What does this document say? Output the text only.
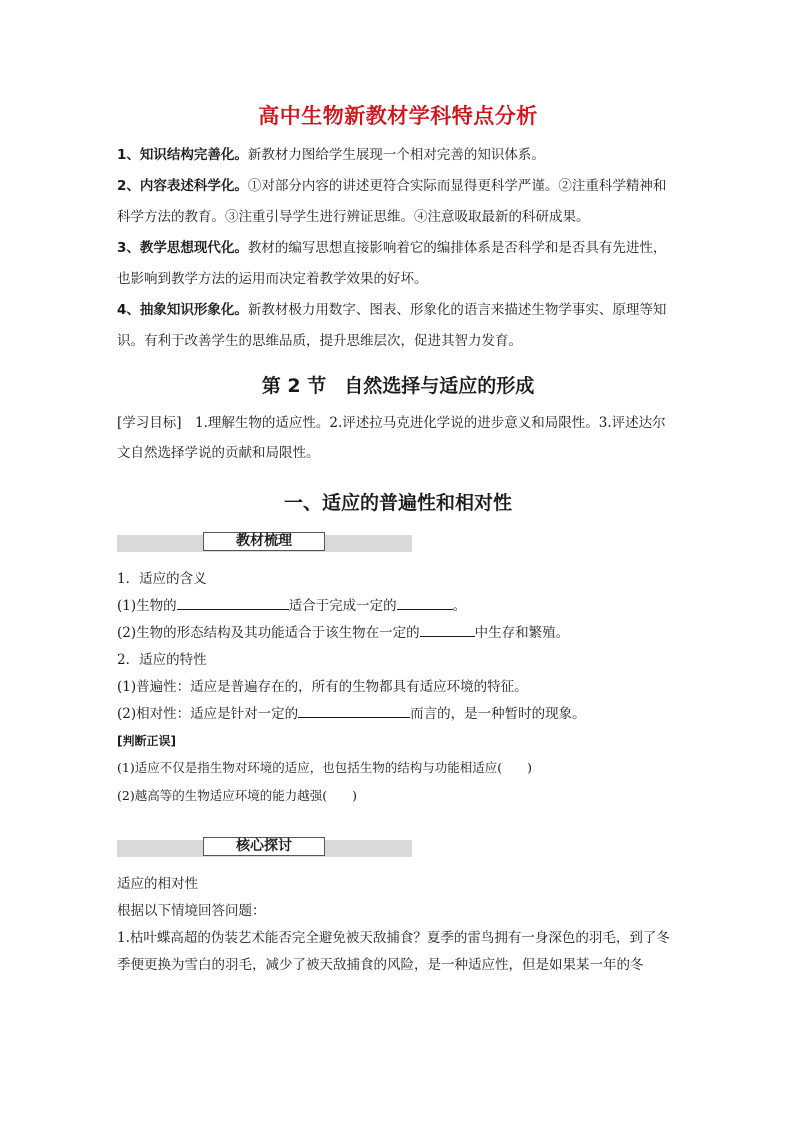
高中生物新教材学科特点分析

1、知识结构完善化。新教材力图给学生展现一个相对完善的知识体系。

2、内容表述科学化。①对部分内容的讲述更符合实际而显得更科学严谨。②注重科学精神和科学方法的教育。③注重引导学生进行辨证思维。④注意吸取最新的科研成果。

3、教学思想现代化。教材的编写思想直接影响着它的编排体系是否科学和是否具有先进性，也影响到教学方法的运用而决定着教学效果的好坏。

4、抽象知识形象化。新教材极力用数字、图表、形象化的语言来描述生物学事实、原理等知识。有利于改善学生的思维品质，提升思维层次，促进其智力发育。

第 2 节 自然选择与适应的形成

[学习目标]　1.理解生物的适应性。2.评述拉马克进化学说的进步意义和局限性。3.评述达尔文自然选择学说的贡献和局限性。

一、适应的普遍性和相对性
教材梳理

1．适应的含义

(1)生物的	适合于完成一定的	。

(2)生物的形态结构及其功能适合于该生物在一定的	中生存和繁殖。

2．适应的特性

(1)普遍性：适应是普遍存在的，所有的生物都具有适应环境的特征。

(2)相对性：适应是针对一定的	而言的，是一种暂时的现象。

[判断正误]

(1)适应不仅是指生物对环境的适应，也包括生物的结构与功能相适应(　　)

(2)越高等的生物适应环境的能力越强(　　)

核心探讨

适应的相对性

根据以下情境回答问题：

1.枯叶蝶高超的伪装艺术能否完全避免被天敌捕食？夏季的雷鸟拥有一身深色的羽毛，到了冬季便更换为雪白的羽毛，减少了被天敌捕食的风险，是一种适应性，但是如果某一年的冬
